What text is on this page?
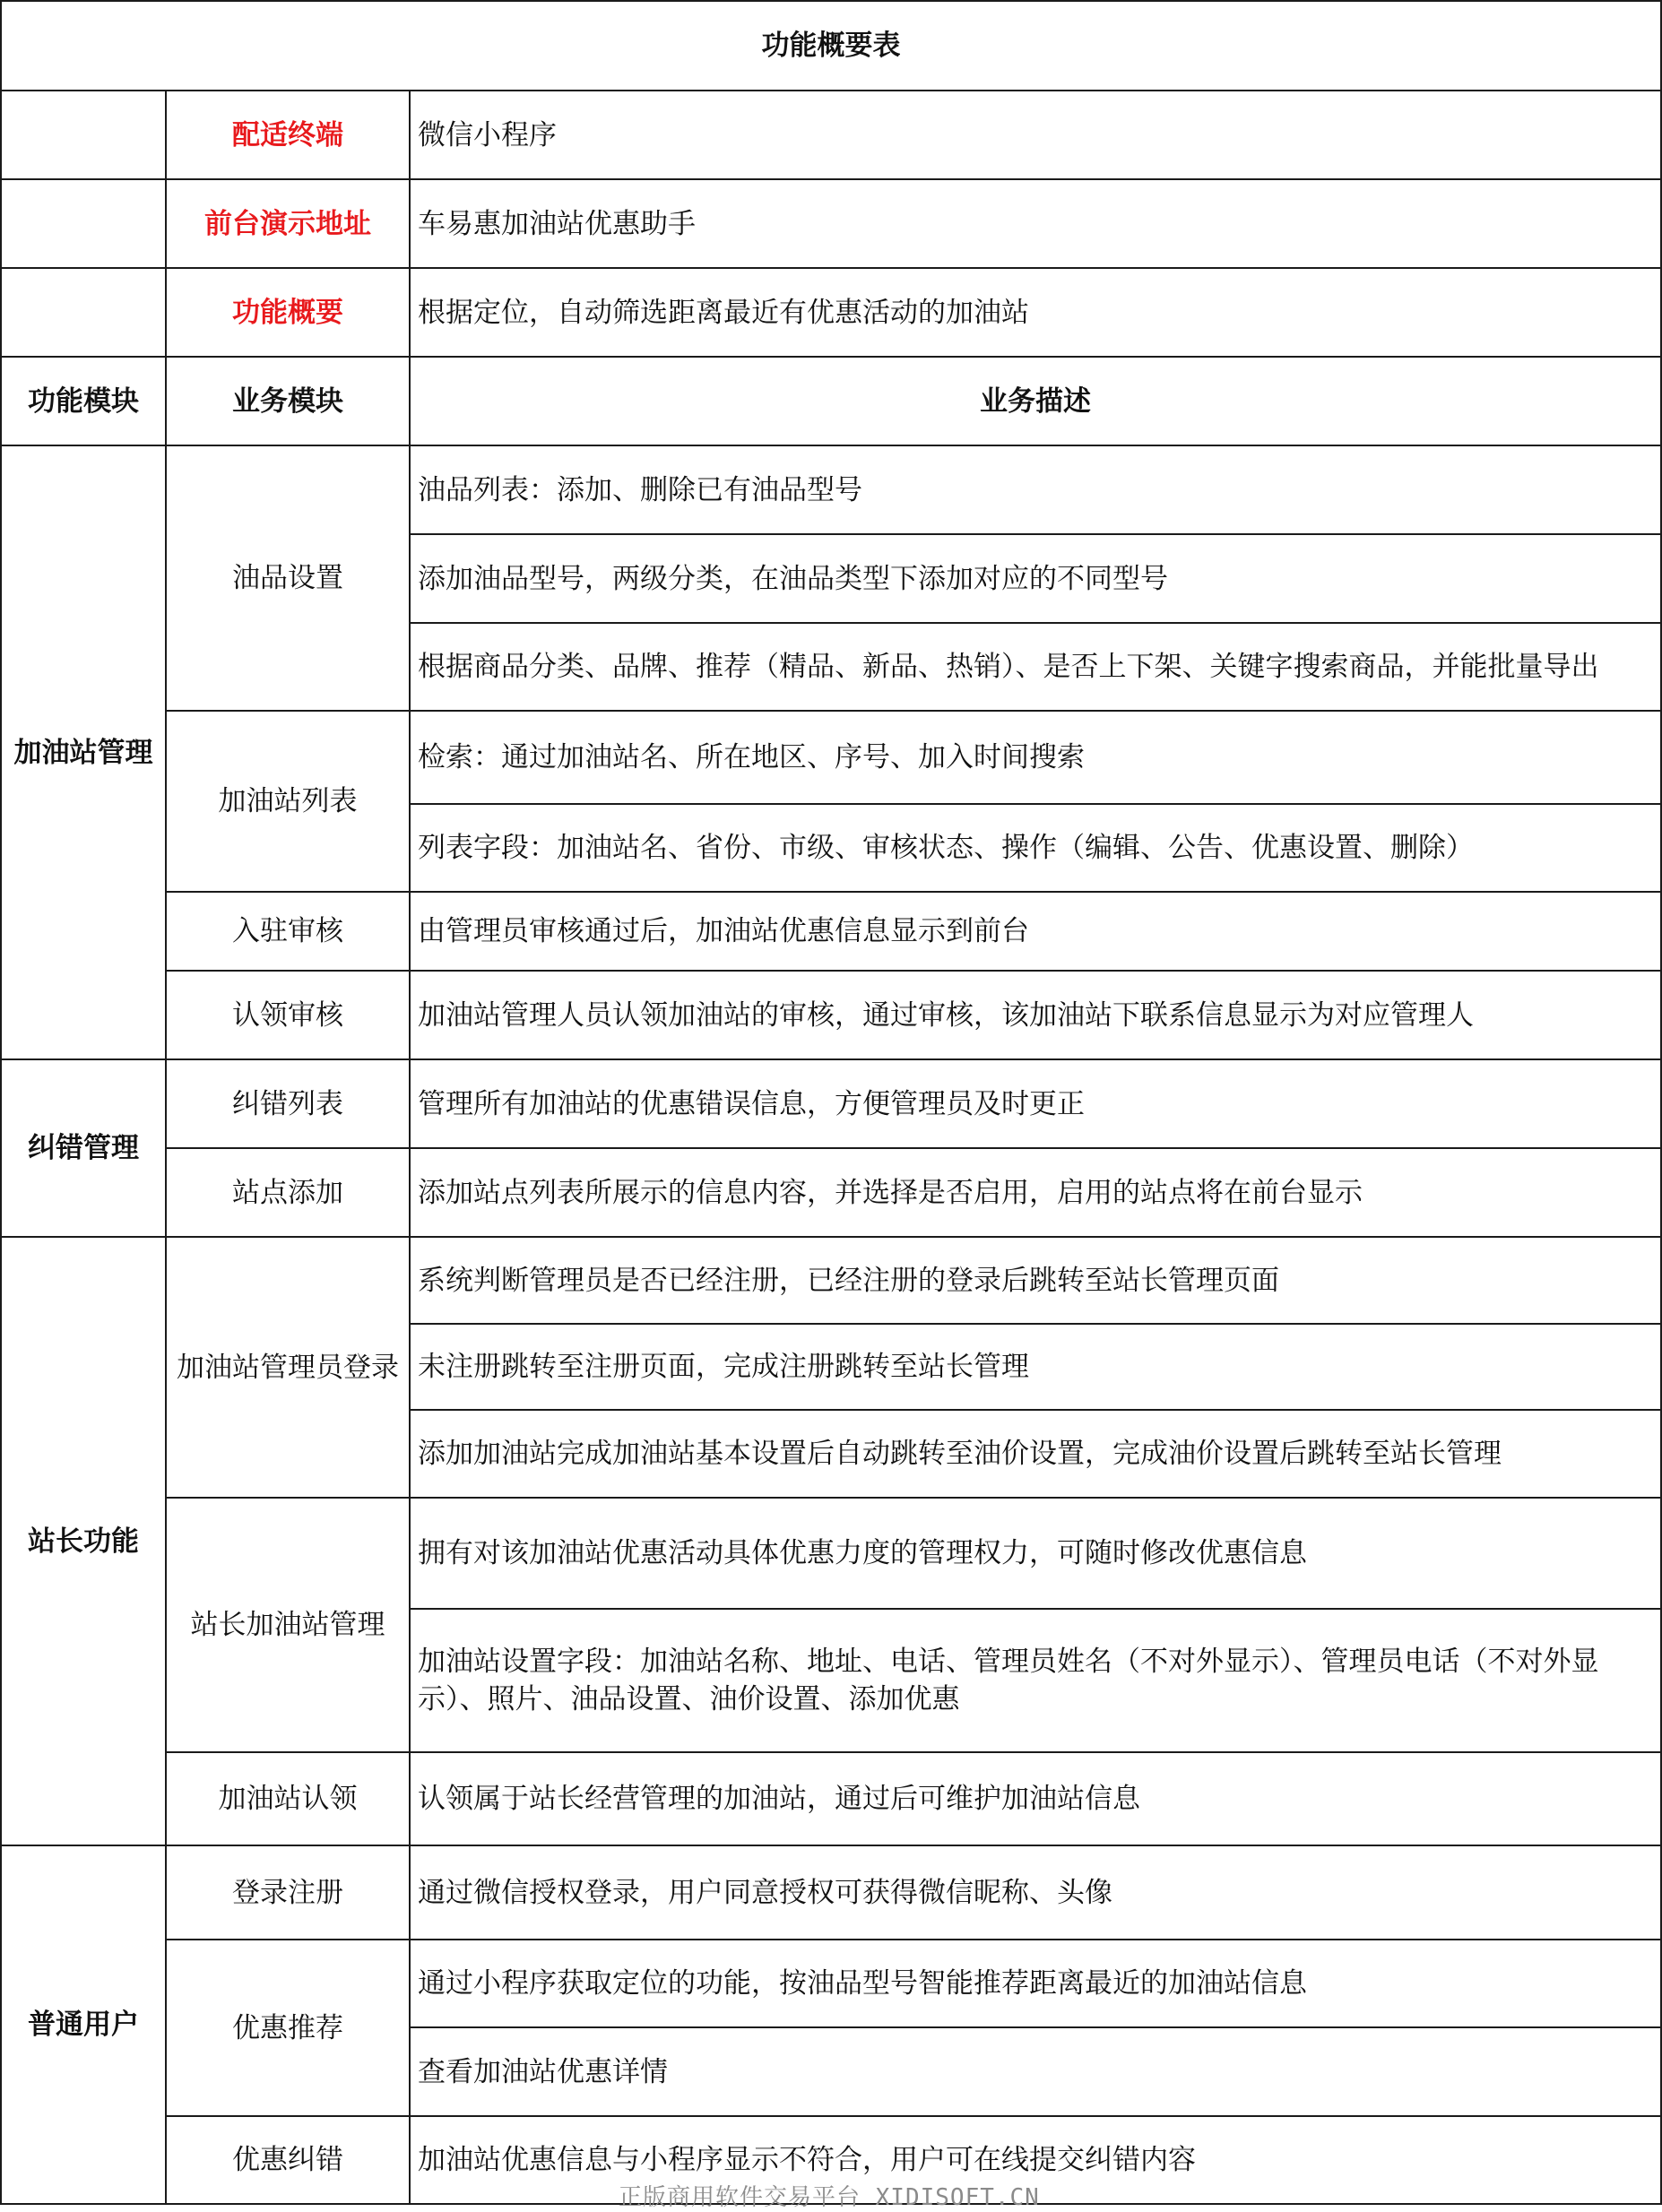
功能概要表		
	配适终端	微信小程序
	前台演示地址	车易惠加油站优惠助手
	功能概要	根据定位，自动筛选距离最近有优惠活动的加油站
功能模块	业务模块	业务描述
加油站管理	油品设置	油品列表：添加、删除已有油品型号
		添加油品型号，两级分类，在油品类型下添加对应的不同型号
		根据商品分类、品牌、推荐（精品、新品、热销）、是否上下架、关键字搜索商品，并能批量导出
	加油站列表	检索：通过加油站名、所在地区、序号、加入时间搜索
		列表字段：加油站名、省份、市级、审核状态、操作（编辑、公告、优惠设置、删除）
	入驻审核	由管理员审核通过后，加油站优惠信息显示到前台
	认领审核	加油站管理人员认领加油站的审核，通过审核，该加油站下联系信息显示为对应管理人
纠错管理	纠错列表	管理所有加油站的优惠错误信息，方便管理员及时更正
	站点添加	添加站点列表所展示的信息内容，并选择是否启用，启用的站点将在前台显示
站长功能	加油站管理员登录	系统判断管理员是否已经注册，已经注册的登录后跳转至站长管理页面
		未注册跳转至注册页面，完成注册跳转至站长管理
		添加加油站完成加油站基本设置后自动跳转至油价设置，完成油价设置后跳转至站长管理
	站长加油站管理	拥有对该加油站优惠活动具体优惠力度的管理权力，可随时修改优惠信息
		加油站设置字段：加油站名称、地址、电话、管理员姓名（不对外显示）、管理员电话（不对外显示）、照片、油品设置、油价设置、添加优惠
	加油站认领	认领属于站长经营管理的加油站，通过后可维护加油站信息
普通用户	登录注册	通过微信授权登录，用户同意授权可获得微信昵称、头像
	优惠推荐	通过小程序获取定位的功能，按油品型号智能推荐距离最近的加油站信息
		查看加油站优惠详情
	优惠纠错	加油站优惠信息与小程序显示不符合，用户可在线提交纠错内容
正版商用软件交易平台 XIDISOFT.CN
